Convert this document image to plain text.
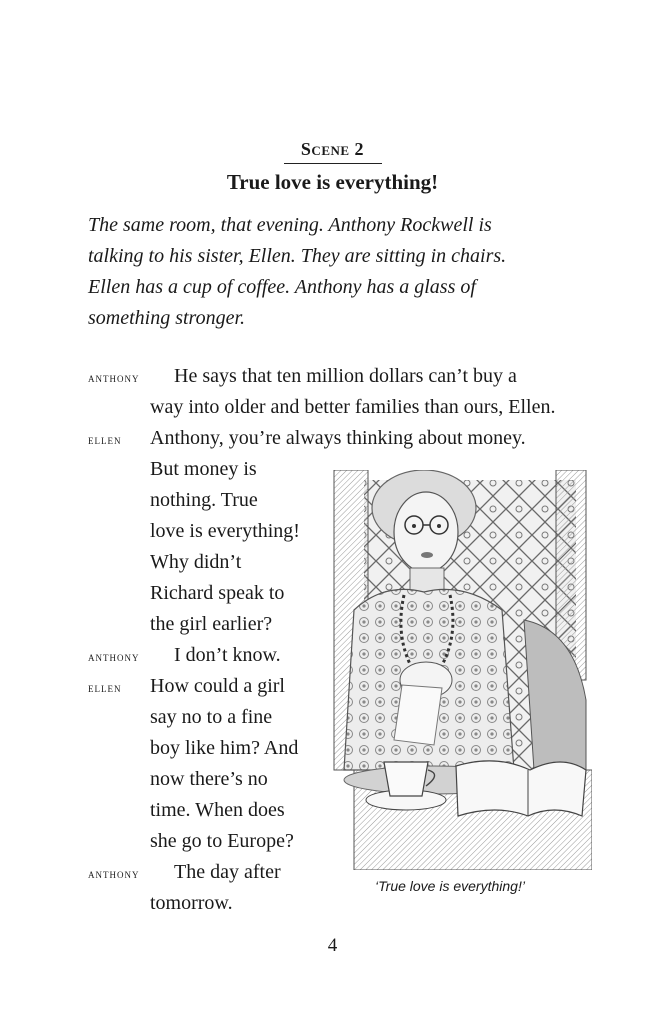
Scene 2
True love is everything!

The same room, that evening. Anthony Rockwell is
talking to his sister, Ellen. They are sitting in chairs.
Ellen has a cup of coffee. Anthony has a glass of
something stronger.

anthony He says that ten million dollars can’t buy a
way into older and better families than ours, Ellen.
ellen Anthony, you’re always thinking about money.
But money is
nothing. True
love is everything!
Why didn’t
Richard speak to
the girl earlier?
anthony I don’t know.
ellen How could a girl
say no to a fine
boy like him? And
now there’s no
time. When does
she go to Europe?
anthony The day after
tomorrow.
‘True love is everything!’
4
